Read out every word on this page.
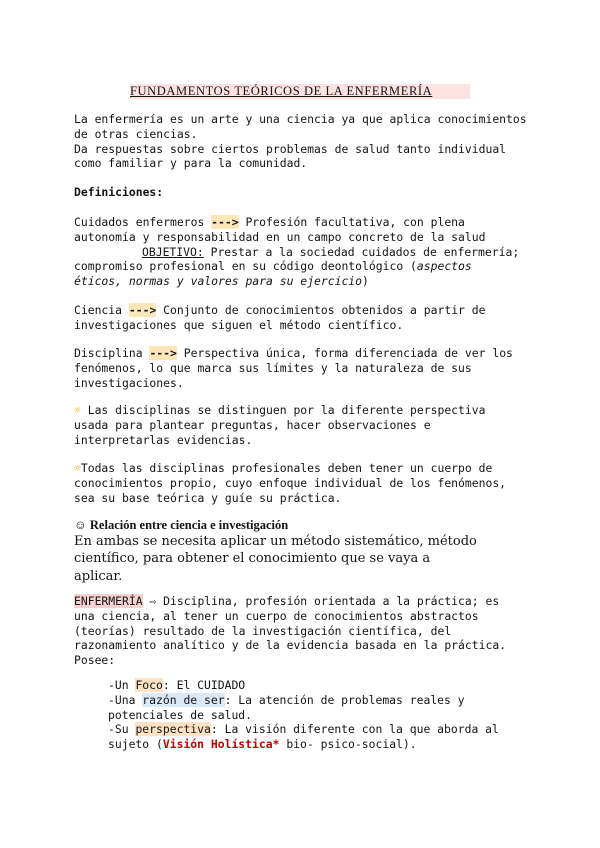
FUNDAMENTOS TEÓRICOS DE LA ENFERMERÍA
La enfermería es un arte y una ciencia ya que aplica conocimientos
de otras ciencias.
Da respuestas sobre ciertos problemas de salud tanto individual
como familiar y para la comunidad.
Definiciones:
Cuidados enfermeros ---> Profesión facultativa, con plena
autonomía y responsabilidad en un campo concreto de la salud
OBJETIVO: Prestar a la sociedad cuidados de enfermería;
compromiso profesional en su código deontológico (aspectos
éticos, normas y valores para su ejercicio)
Ciencia ---> Conjunto de conocimientos obtenidos a partir de
investigaciones que siguen el método científico.
Disciplina ---> Perspectiva única, forma diferenciada de ver los
fenómenos, lo que marca sus límites y la naturaleza de sus
investigaciones.
☼ Las disciplinas se distinguen por la diferente perspectiva
usada para plantear preguntas, hacer observaciones e
interpretarlas evidencias.
☼Todas las disciplinas profesionales deben tener un cuerpo de
conocimientos propio, cuyo enfoque individual de los fenómenos,
sea su base teórica y guíe su práctica.
☺ Relación entre ciencia e investigación
En ambas se necesita aplicar un método sistemático, método
científico, para obtener el conocimiento que se vaya a
aplicar.
ENFERMERÍA ⇨ Disciplina, profesión orientada a la práctica; es
una ciencia, al tener un cuerpo de conocimientos abstractos
(teorías) resultado de la investigación científica, del
razonamiento analítico y de la evidencia basada en la práctica.
Posee:
-Un Foco: El CUIDADO
-Una razón de ser: La atención de problemas reales y
potenciales de salud.
-Su perspectiva: La visión diferente con la que aborda al
sujeto (Visión Holística* bio- psico-social).
